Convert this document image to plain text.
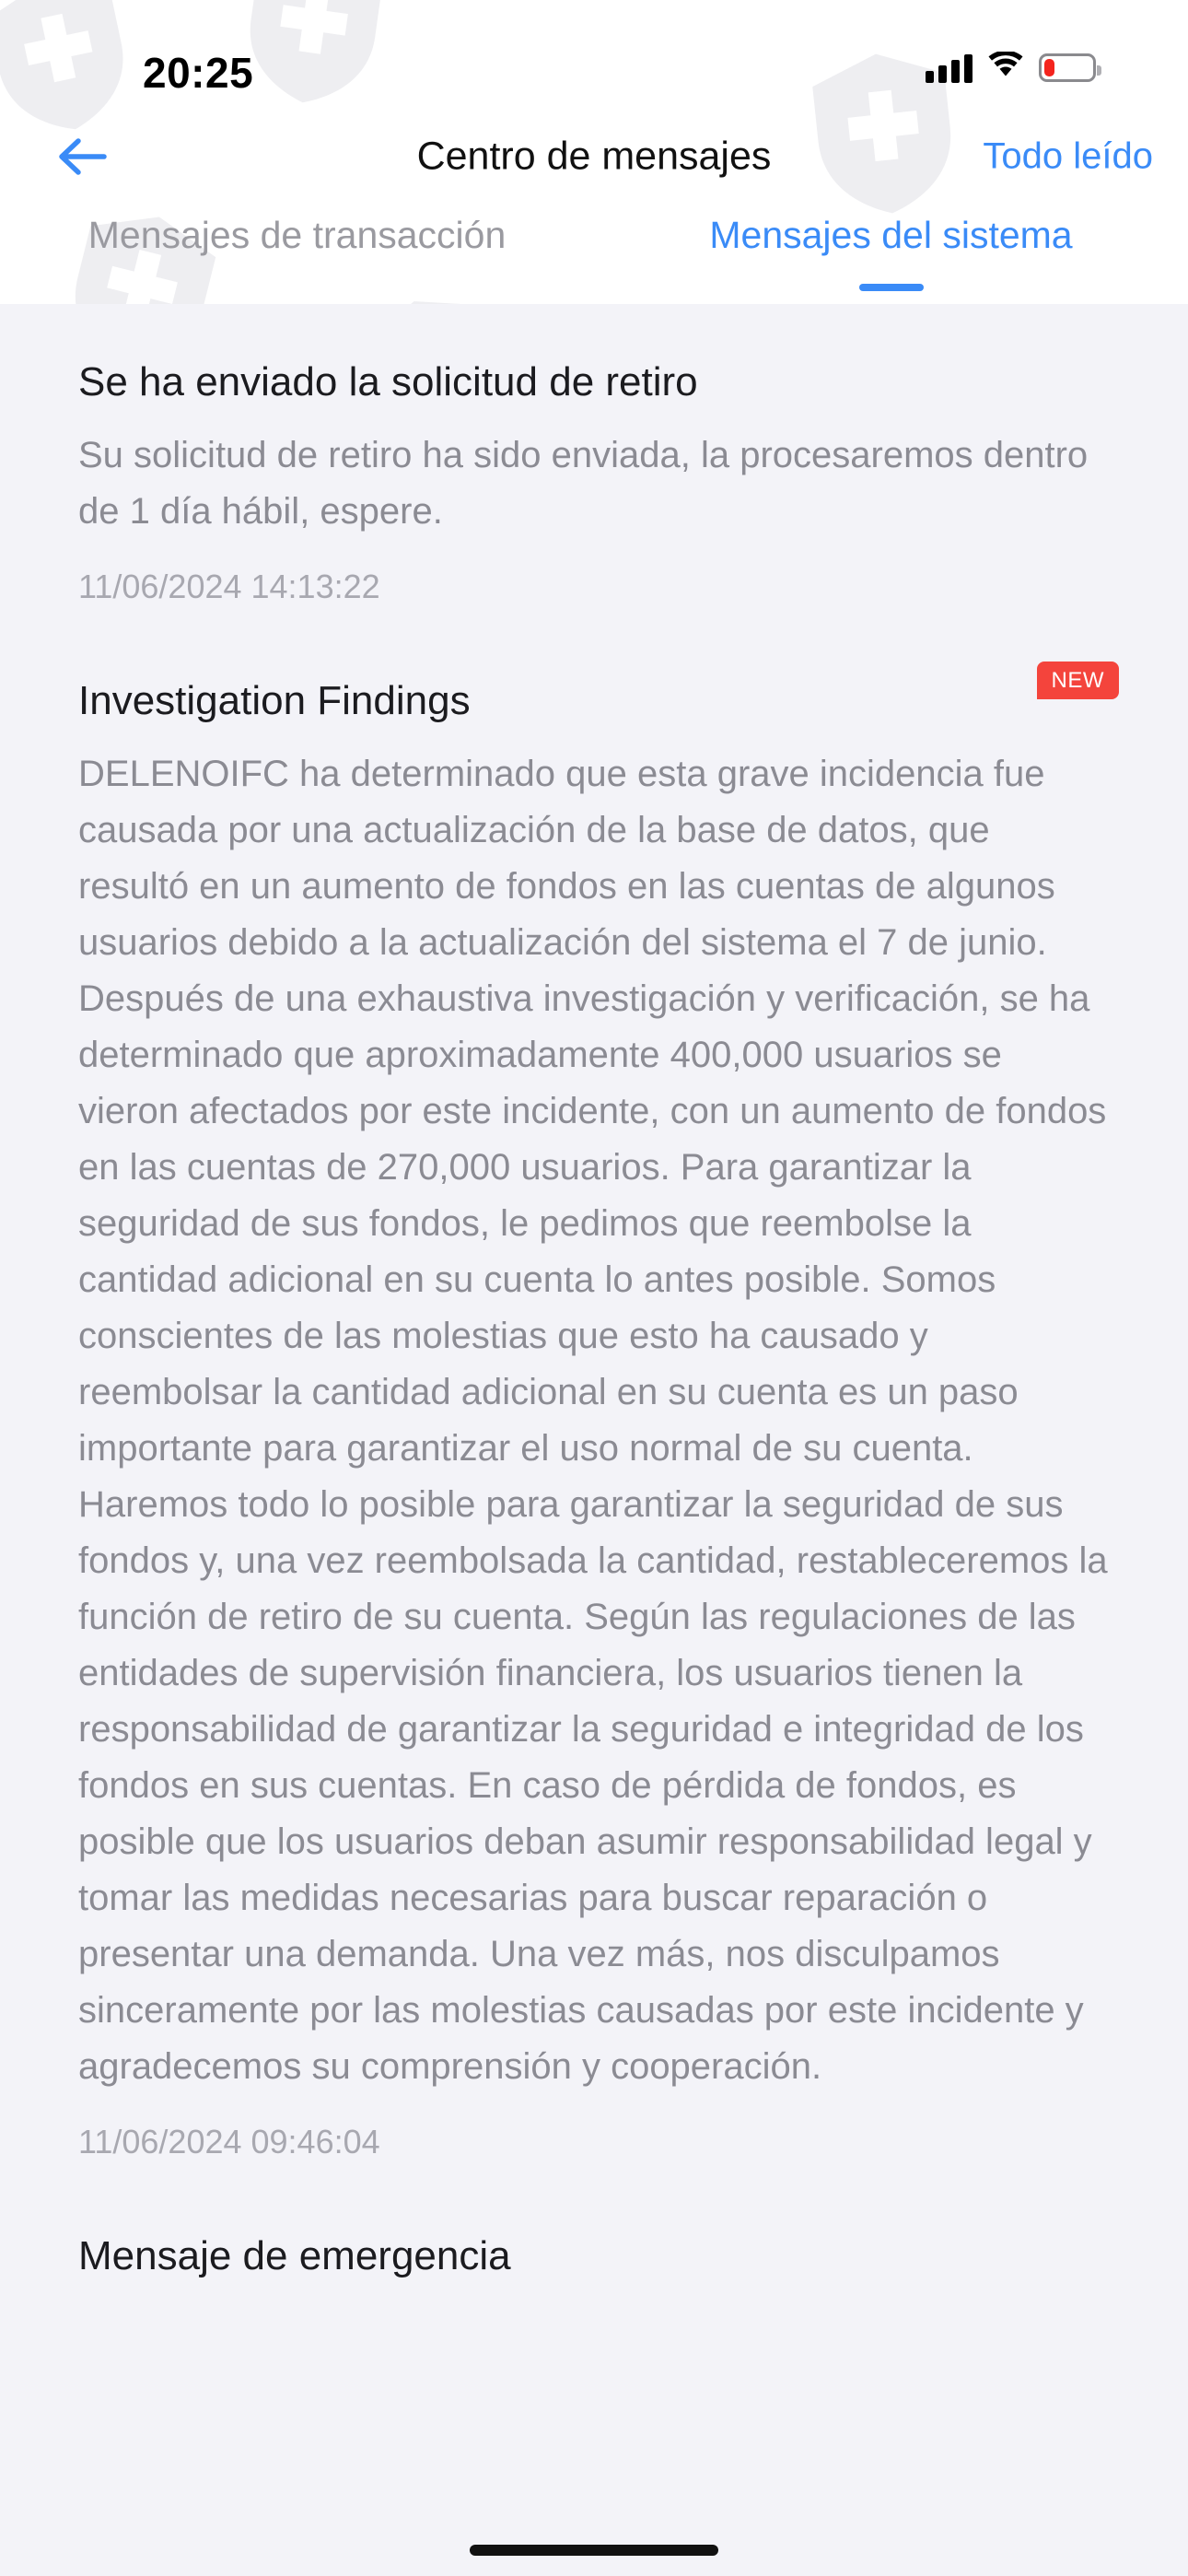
20:25
Centro de mensajes	Todo leído
Mensajes de transacción	Mensajes del sistema
Se ha enviado la solicitud de retiro
Su solicitud de retiro ha sido enviada, la procesaremos dentro de 1 día hábil, espere.
11/06/2024 14:13:22
NEW
Investigation Findings
DELENOIFC ha determinado que esta grave incidencia fue causada por una actualización de la base de datos, que resultó en un aumento de fondos en las cuentas de algunos usuarios debido a la actualización del sistema el 7 de junio. Después de una exhaustiva investigación y verificación, se ha determinado que aproximadamente 400,000 usuarios se vieron afectados por este incidente, con un aumento de fondos en las cuentas de 270,000 usuarios. Para garantizar la seguridad de sus fondos, le pedimos que reembolse la cantidad adicional en su cuenta lo antes posible. Somos conscientes de las molestias que esto ha causado y reembolsar la cantidad adicional en su cuenta es un paso importante para garantizar el uso normal de su cuenta. Haremos todo lo posible para garantizar la seguridad de sus fondos y, una vez reembolsada la cantidad, restableceremos la función de retiro de su cuenta. Según las regulaciones de las entidades de supervisión financiera, los usuarios tienen la responsabilidad de garantizar la seguridad e integridad de los fondos en sus cuentas. En caso de pérdida de fondos, es posible que los usuarios deban asumir responsabilidad legal y tomar las medidas necesarias para buscar reparación o presentar una demanda. Una vez más, nos disculpamos sinceramente por las molestias causadas por este incidente y agradecemos su comprensión y cooperación.
11/06/2024 09:46:04
Mensaje de emergencia
